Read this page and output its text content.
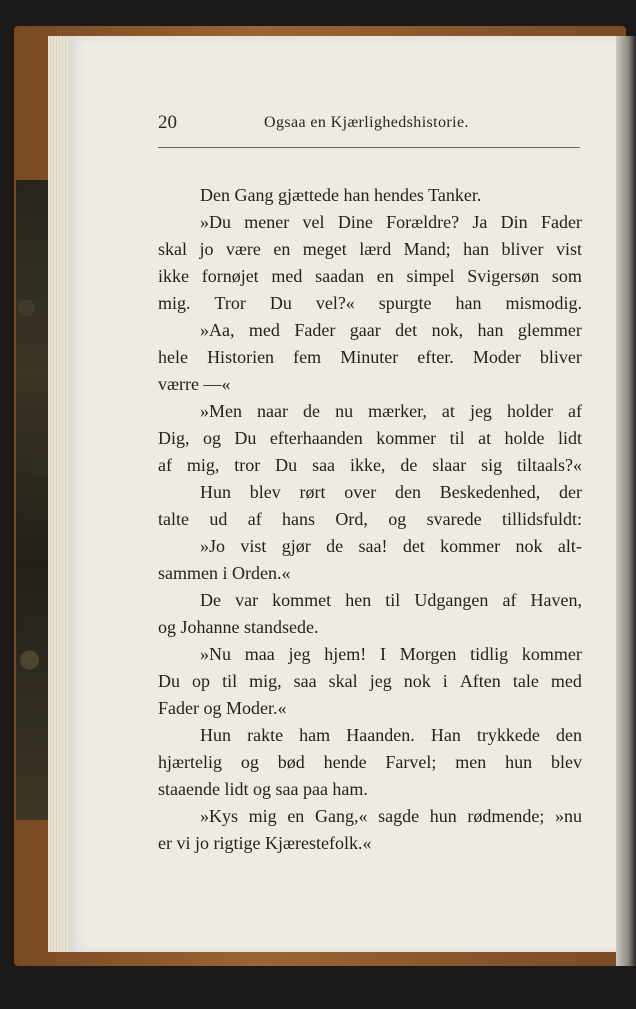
20	Ogsaa en Kjærlighedshistorie.
Den Gang gjættede han hendes Tanker.
»Du mener vel Dine Forældre? Ja Din Fader
skal jo være en meget lærd Mand; han bliver vist
ikke fornøjet med saadan en simpel Svigersøn som
mig. Tror Du vel?« spurgte han mismodig.
»Aa, med Fader gaar det nok, han glemmer
hele Historien fem Minuter efter. Moder bliver
værre —«
»Men naar de nu mærker, at jeg holder af
Dig, og Du efterhaanden kommer til at holde lidt
af mig, tror Du saa ikke, de slaar sig tiltaals?«
Hun blev rørt over den Beskedenhed, der
talte ud af hans Ord, og svarede tillidsfuldt:
»Jo vist gjør de saa! det kommer nok alt-
sammen i Orden.«
De var kommet hen til Udgangen af Haven,
og Johanne standsede.
»Nu maa jeg hjem! I Morgen tidlig kommer
Du op til mig, saa skal jeg nok i Aften tale med
Fader og Moder.«
Hun rakte ham Haanden. Han trykkede den
hjærtelig og bød hende Farvel; men hun blev
staaende lidt og saa paa ham.
»Kys mig en Gang,« sagde hun rødmende; »nu
er vi jo rigtige Kjærestefolk.«
